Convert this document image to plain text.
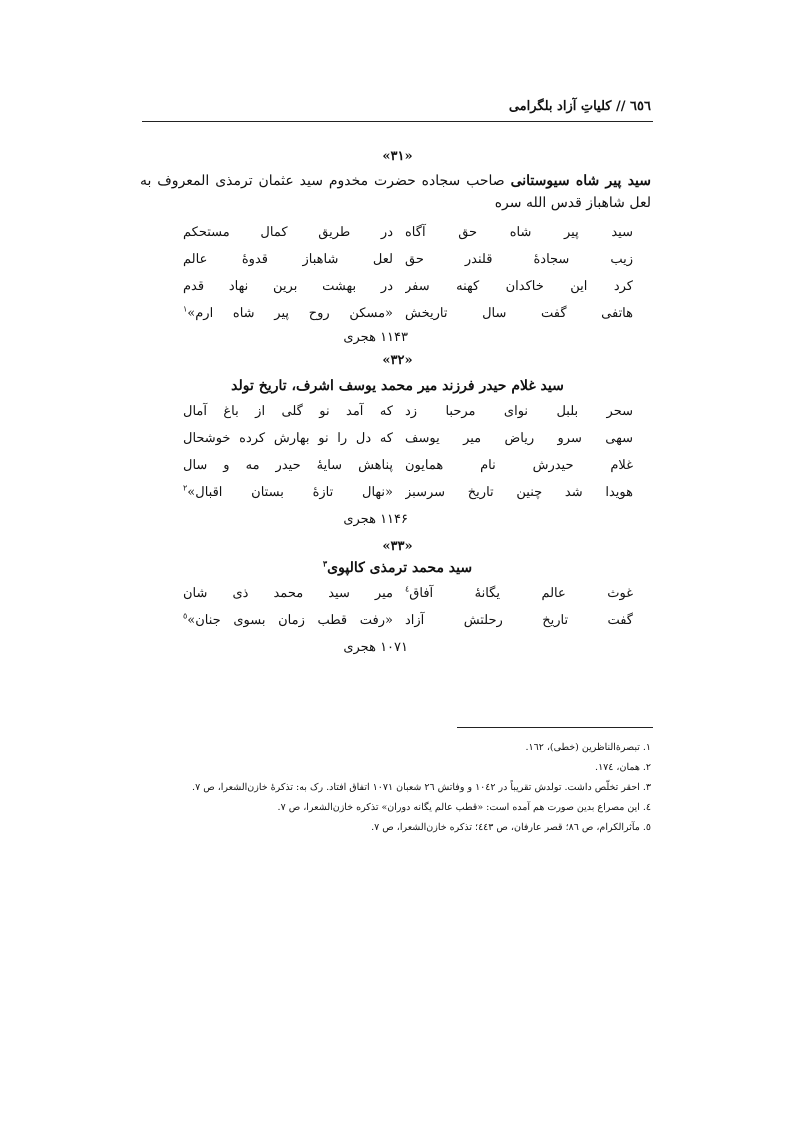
٦٥٦ // کلیاتِ آزاد بلگرامی
«۳۱»
سید پیر شاه سیوستانی صاحب سجاده حضرت مخدوم سید عثمان ترمذی المعروف به لعل شاهباز قدس الله سره
سید پیر شاه حق آگاه
در طریق کمال مستحکم
زیب سجادهٔ قلندر حق
لعل شاهباز قدوهٔ عالم
کرد این خاکدان کهنه سفر
در بهشت برین نهاد قدم
هاتفی گفت سال تاریخش
«مسکن روح پیر شاه ارم»$^۱$
۱۱۴۳ هجری
«۳۲»
سید غلام حیدر فرزند میر محمد یوسف اشرف، تاریخ تولد
سحر بلبل نوای مرحبا زد
که آمد نو گلی از باغ آمال
سهی سرو ریاض میر یوسف
که دل را نو بهارش کرده خوشحال
غلام حیدرش نام همایون
پناهش سایهٔ حیدر مه و سال
هویدا شد چنین تاریخ سرسبز
«نهال تازهٔ بستان اقبال»$^۲$
۱۱۴۶ هجری
«۳۳»
سید محمد ترمذی کالپوی$^۳$
غوث عالم یگانهٔ آفاق$^٤$
میر سید محمد ذی شان
گفت تاریخ رحلتش آزاد
«رفت قطب زمان بسوی جنان»$^٥$
۱۰۷۱ هجری
۱. تبصرةالناظرین (خطی)، ۱٦۲.
۲. همان، ۱۷٤.
۳. احقر تخلّص داشت. تولدش تقریباً در ۱۰٤۲ و وفاتش ۲٦ شعبان ۱۰۷۱ اتفاق افتاد. رک به: تذکرهٔ خازن‌الشعرا، ص ۷.
٤. این مصراع بدین صورت هم آمده است: «قطب عالم یگانه دوران» تذکره خازن‌الشعرا، ص ۷.
٥. مآثرالکرام، ص ۸٦؛ قصر عارفان، ص ٤٤۳؛ تذکره خازن‌الشعرا، ص ۷.
